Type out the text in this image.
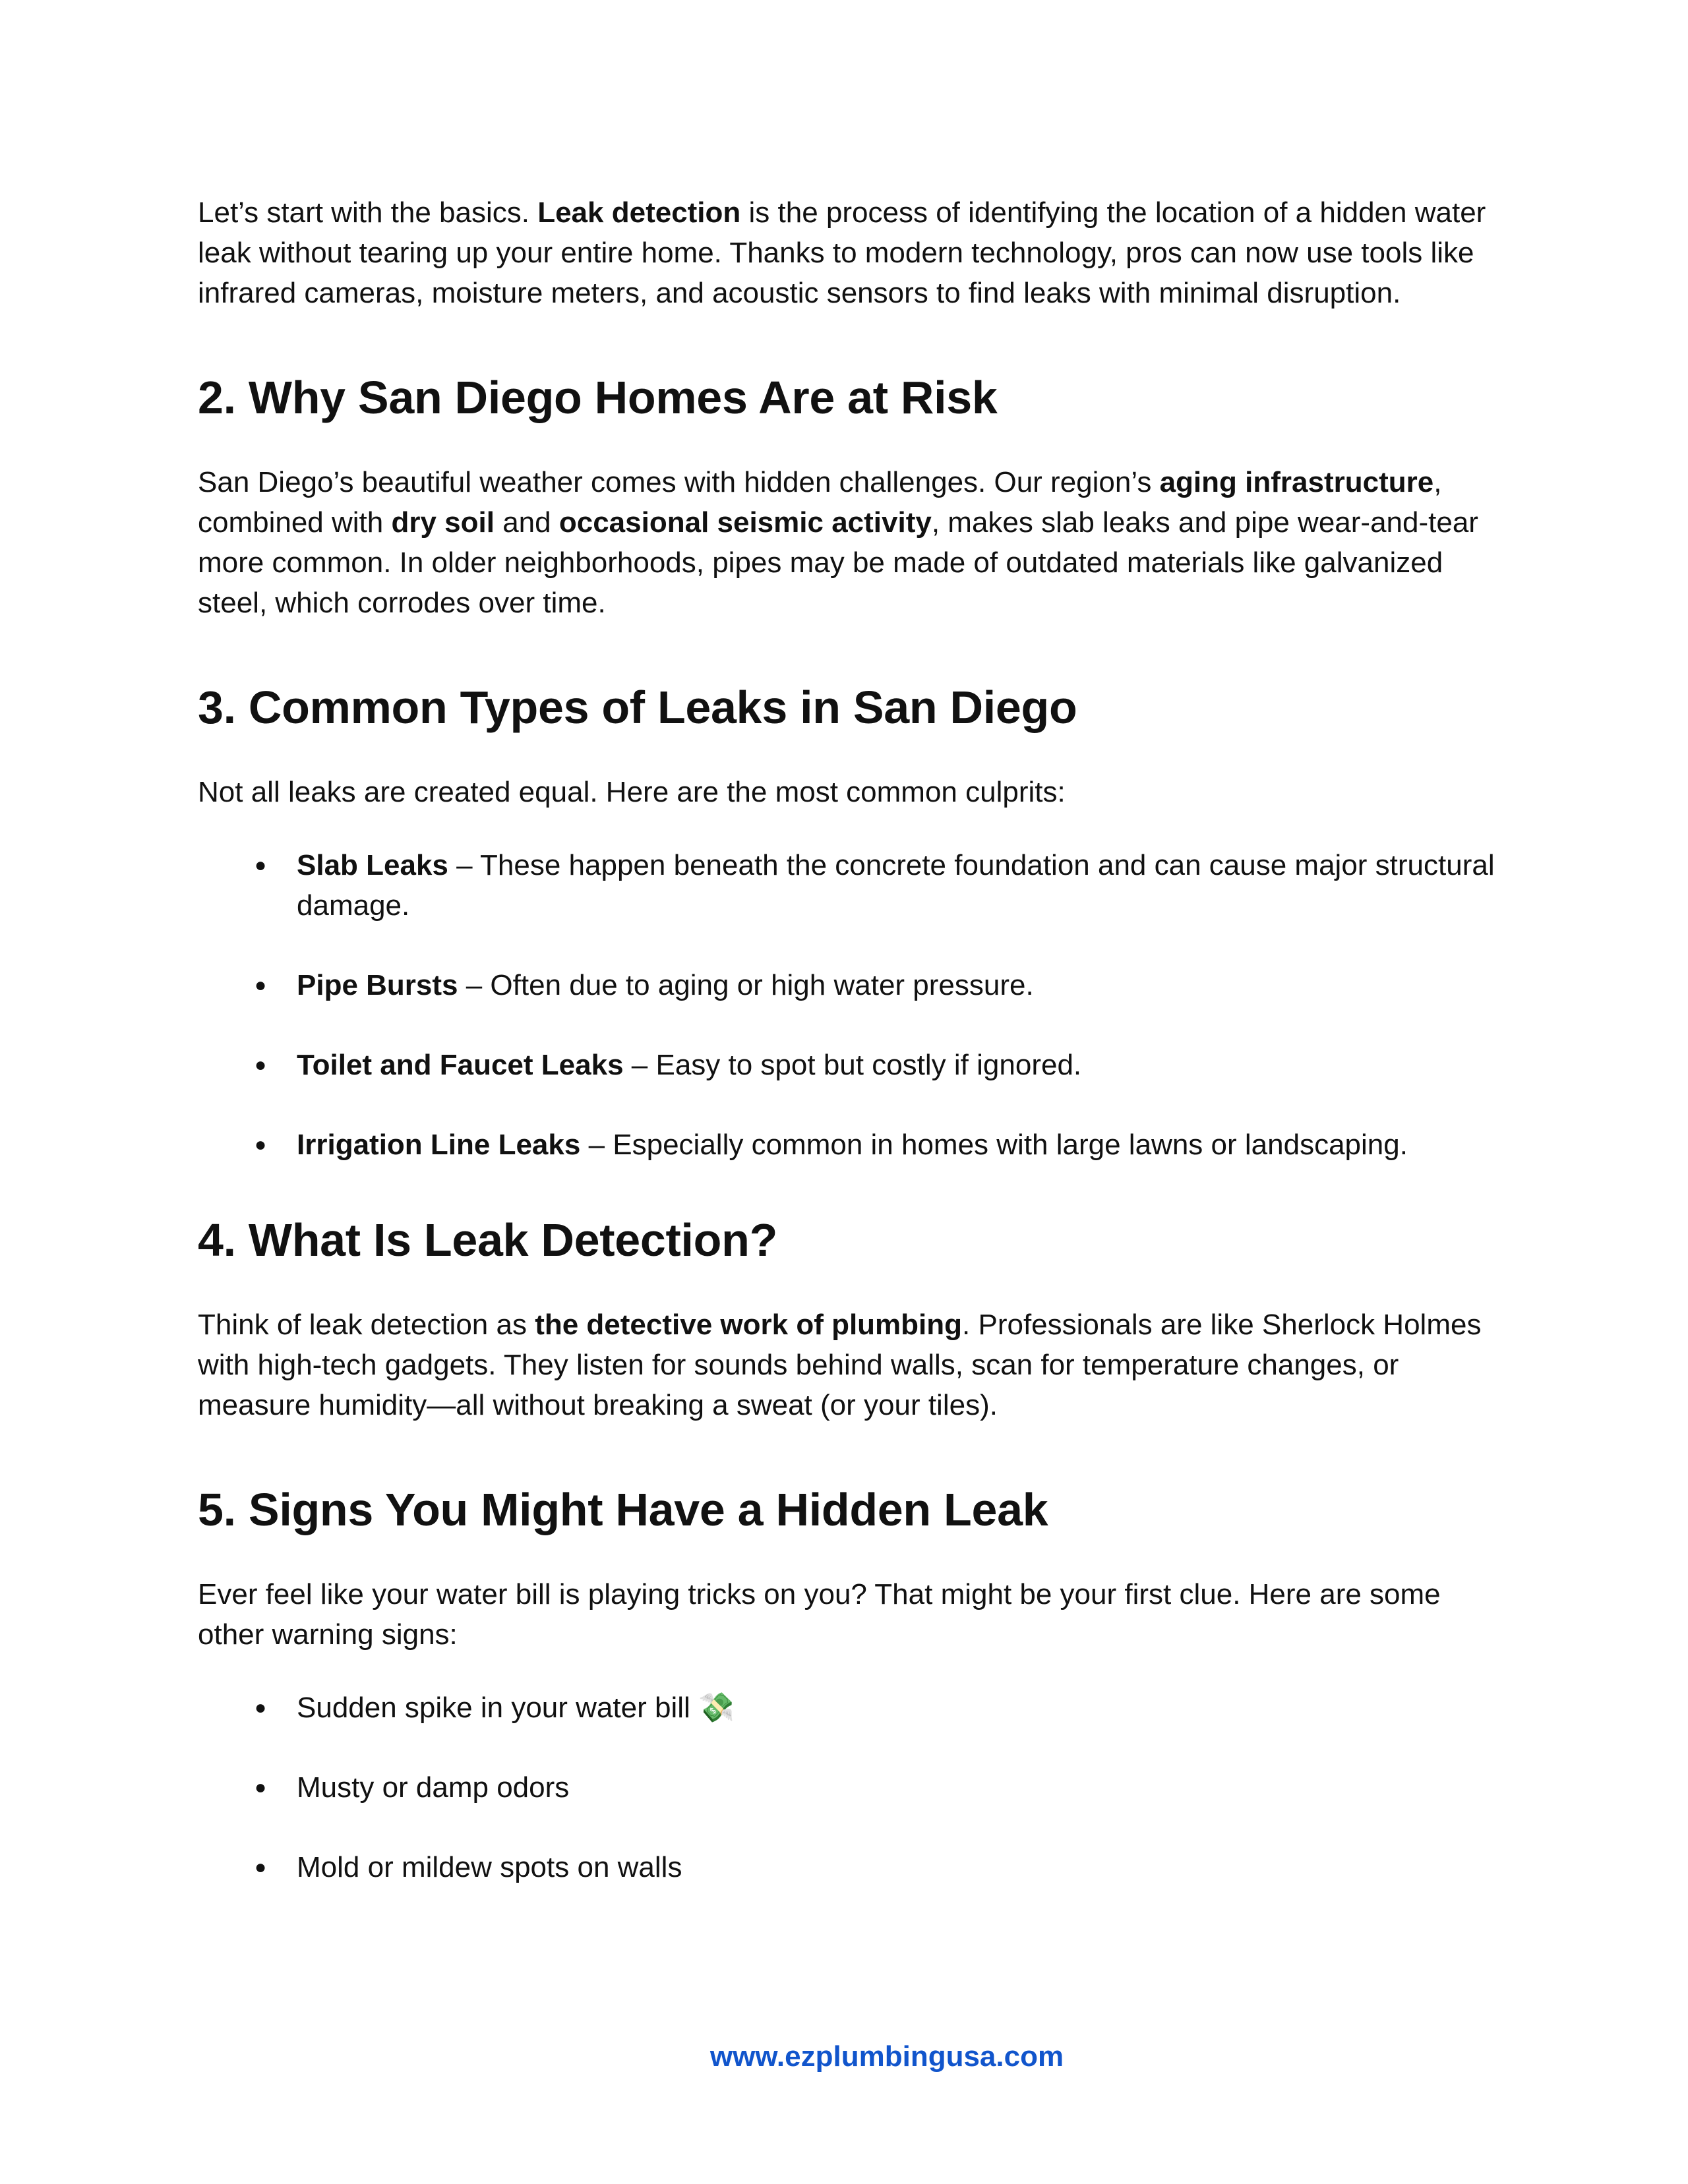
Let’s start with the basics. Leak detection is the process of identifying the location of a hidden water leak without tearing up your entire home. Thanks to modern technology, pros can now use tools like infrared cameras, moisture meters, and acoustic sensors to find leaks with minimal disruption.

2. Why San Diego Homes Are at Risk

San Diego’s beautiful weather comes with hidden challenges. Our region’s aging infrastructure, combined with dry soil and occasional seismic activity, makes slab leaks and pipe wear-and-tear more common. In older neighborhoods, pipes may be made of outdated materials like galvanized steel, which corrodes over time.

3. Common Types of Leaks in San Diego

Not all leaks are created equal. Here are the most common culprits:

● Slab Leaks – These happen beneath the concrete foundation and can cause major structural damage.
● Pipe Bursts – Often due to aging or high water pressure.
● Toilet and Faucet Leaks – Easy to spot but costly if ignored.
● Irrigation Line Leaks – Especially common in homes with large lawns or landscaping.
4. What Is Leak Detection?

Think of leak detection as the detective work of plumbing. Professionals are like Sherlock Holmes with high-tech gadgets. They listen for sounds behind walls, scan for temperature changes, or measure humidity—all without breaking a sweat (or your tiles).

5. Signs You Might Have a Hidden Leak

Ever feel like your water bill is playing tricks on you? That might be your first clue. Here are some other warning signs:

● Sudden spike in your water bill 💸
● Musty or damp odors
● Mold or mildew spots on walls
www.ezplumbingusa.com
